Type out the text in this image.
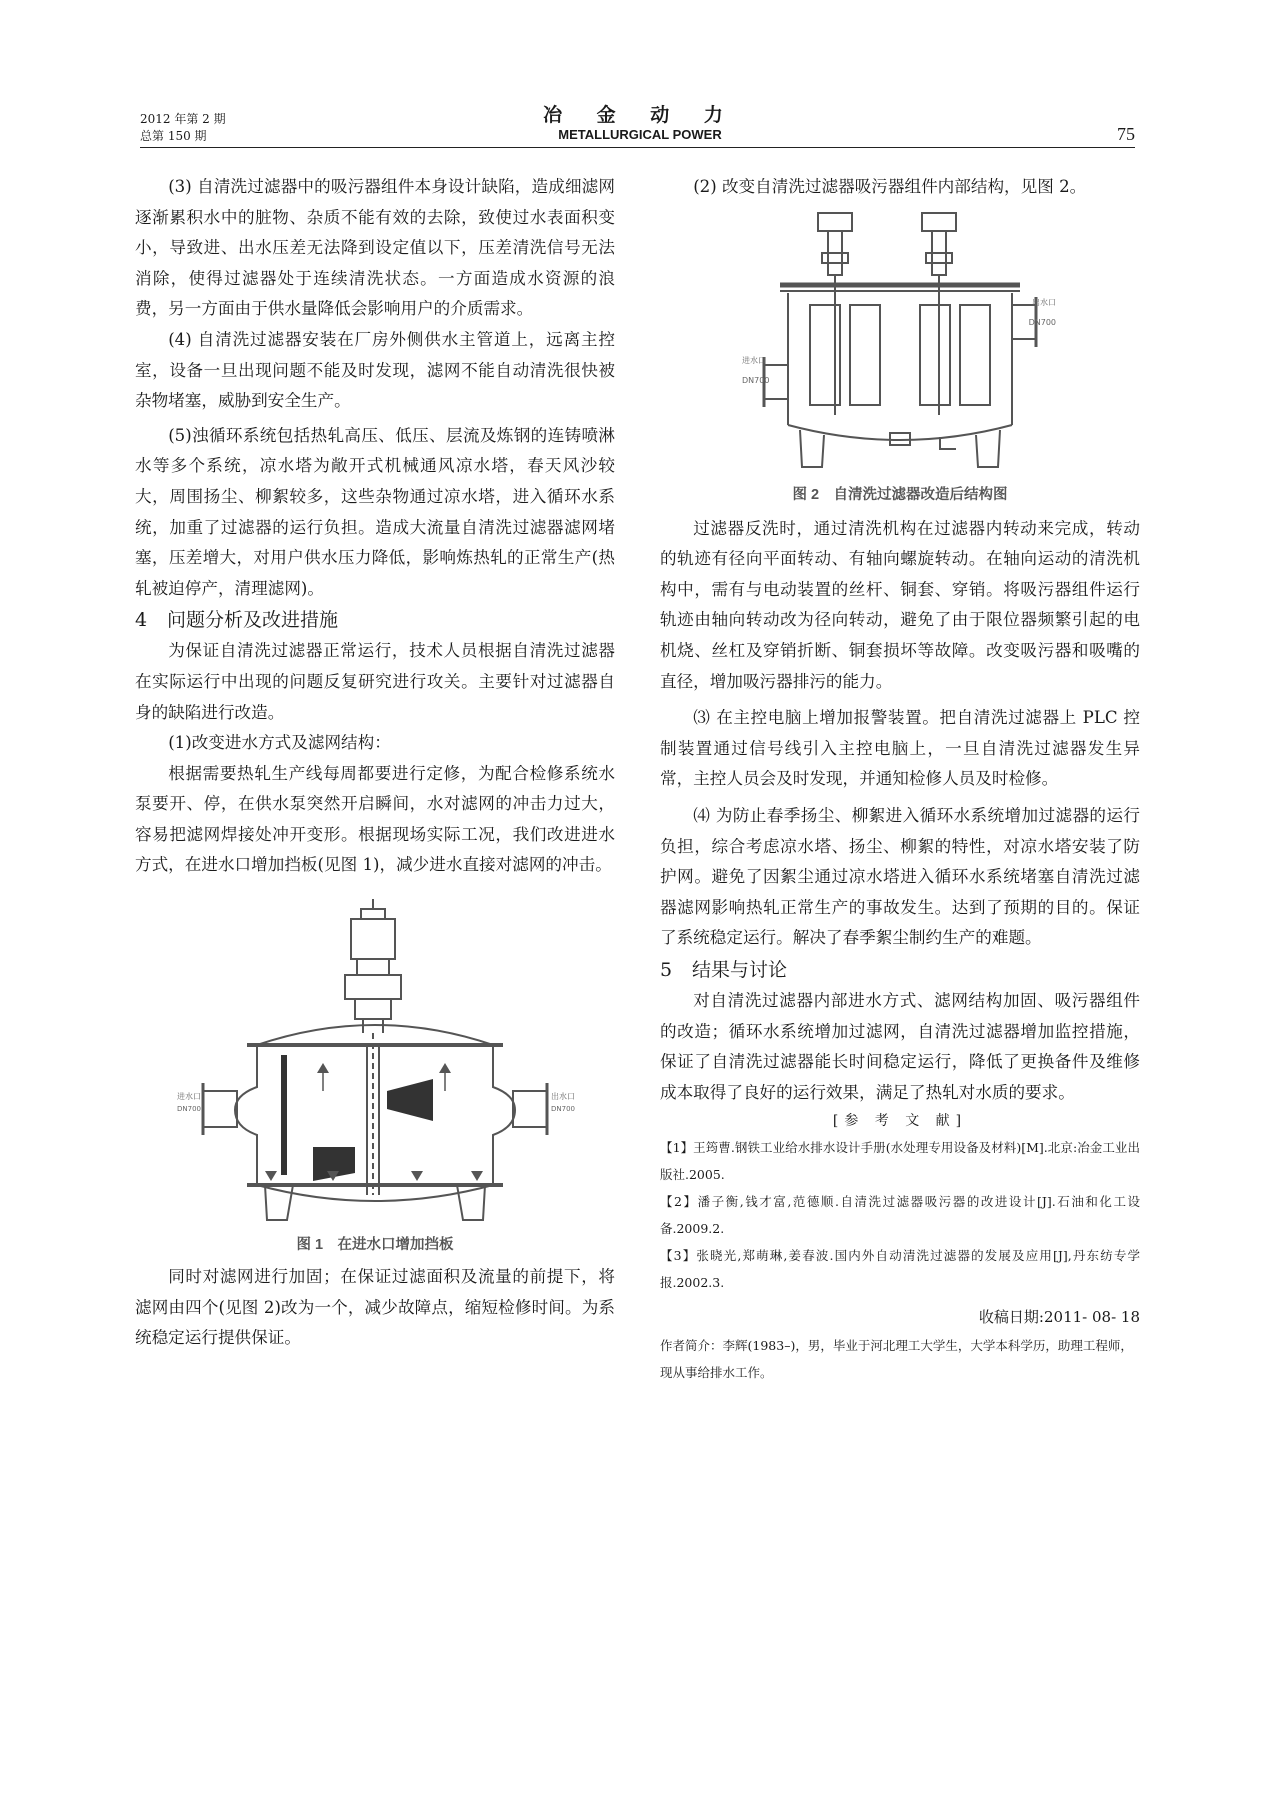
2012 年第 2 期
总第 150 期
冶 金 动 力
METALLURGICAL POWER	75

(3) 自清洗过滤器中的吸污器组件本身设计缺陷，造成细滤网逐渐累积水中的脏物、杂质不能有效的去除，致使过水表面积变小，导致进、出水压差无法降到设定值以下，压差清洗信号无法消除，使得过滤器处于连续清洗状态。一方面造成水资源的浪费，另一方面由于供水量降低会影响用户的介质需求。

(4) 自清洗过滤器安装在厂房外侧供水主管道上，远离主控室，设备一旦出现问题不能及时发现，滤网不能自动清洗很快被杂物堵塞，威胁到安全生产。

(5)浊循环系统包括热轧高压、低压、层流及炼钢的连铸喷淋水等多个系统，凉水塔为敞开式机械通风凉水塔，春天风沙较大，周围扬尘、柳絮较多，这些杂物通过凉水塔，进入循环水系统，加重了过滤器的运行负担。造成大流量自清洗过滤器滤网堵塞，压差增大，对用户供水压力降低，影响炼热轧的正常生产(热轧被迫停产，清理滤网)。

4 问题分析及改进措施

为保证自清洗过滤器正常运行，技术人员根据自清洗过滤器在实际运行中出现的问题反复研究进行攻关。主要针对过滤器自身的缺陷进行改造。

(1)改变进水方式及滤网结构：

根据需要热轧生产线每周都要进行定修，为配合检修系统水泵要开、停，在供水泵突然开启瞬间，水对滤网的冲击力过大，容易把滤网焊接处冲开变形。根据现场实际工况，我们改进进水方式，在进水口增加挡板(见图 1)，减少进水直接对滤网的冲击。

进水口
DN700
出水口
DN700
图 1　在进水口增加挡板

同时对滤网进行加固；在保证过滤面积及流量的前提下，将滤网由四个(见图 2)改为一个，减少故障点，缩短检修时间。为系统稳定运行提供保证。

(2) 改变自清洗过滤器吸污器组件内部结构，见图 2。

出水口
DN700
进水口
DN700
图 2　自清洗过滤器改造后结构图

过滤器反洗时，通过清洗机构在过滤器内转动来完成，转动的轨迹有径向平面转动、有轴向螺旋转动。在轴向运动的清洗机构中，需有与电动装置的丝杆、铜套、穿销。将吸污器组件运行轨迹由轴向转动改为径向转动，避免了由于限位器频繁引起的电机烧、丝杠及穿销折断、铜套损坏等故障。改变吸污器和吸嘴的直径，增加吸污器排污的能力。

⑶ 在主控电脑上增加报警装置。把自清洗过滤器上 PLC 控制装置通过信号线引入主控电脑上，一旦自清洗过滤器发生异常，主控人员会及时发现，并通知检修人员及时检修。

⑷ 为防止春季扬尘、柳絮进入循环水系统增加过滤器的运行负担，综合考虑凉水塔、扬尘、柳絮的特性，对凉水塔安装了防护网。避免了因絮尘通过凉水塔进入循环水系统堵塞自清洗过滤器滤网影响热轧正常生产的事故发生。达到了预期的目的。保证了系统稳定运行。解决了春季絮尘制约生产的难题。

5 结果与讨论

对自清洗过滤器内部进水方式、滤网结构加固、吸污器组件的改造；循环水系统增加过滤网，自清洗过滤器增加监控措施，保证了自清洗过滤器能长时间稳定运行，降低了更换备件及维修成本取得了良好的运行效果，满足了热轧对水质的要求。

[参 考 文 献]
【1】王筠曹.钢铁工业给水排水设计手册(水处理专用设备及材料)[M].北京:冶金工业出版社.2005.
【2】潘子衡,钱才富,范德顺.自清洗过滤器吸污器的改进设计[J].石油和化工设备.2009.2.
【3】张晓光,郑萌琳,姜春波.国内外自动清洗过滤器的发展及应用[J],丹东纺专学报.2002.3.
收稿日期:2011- 08- 18
作者简介：李辉(1983–)，男，毕业于河北理工大学生，大学本科学历，助理工程师，现从事给排水工作。
